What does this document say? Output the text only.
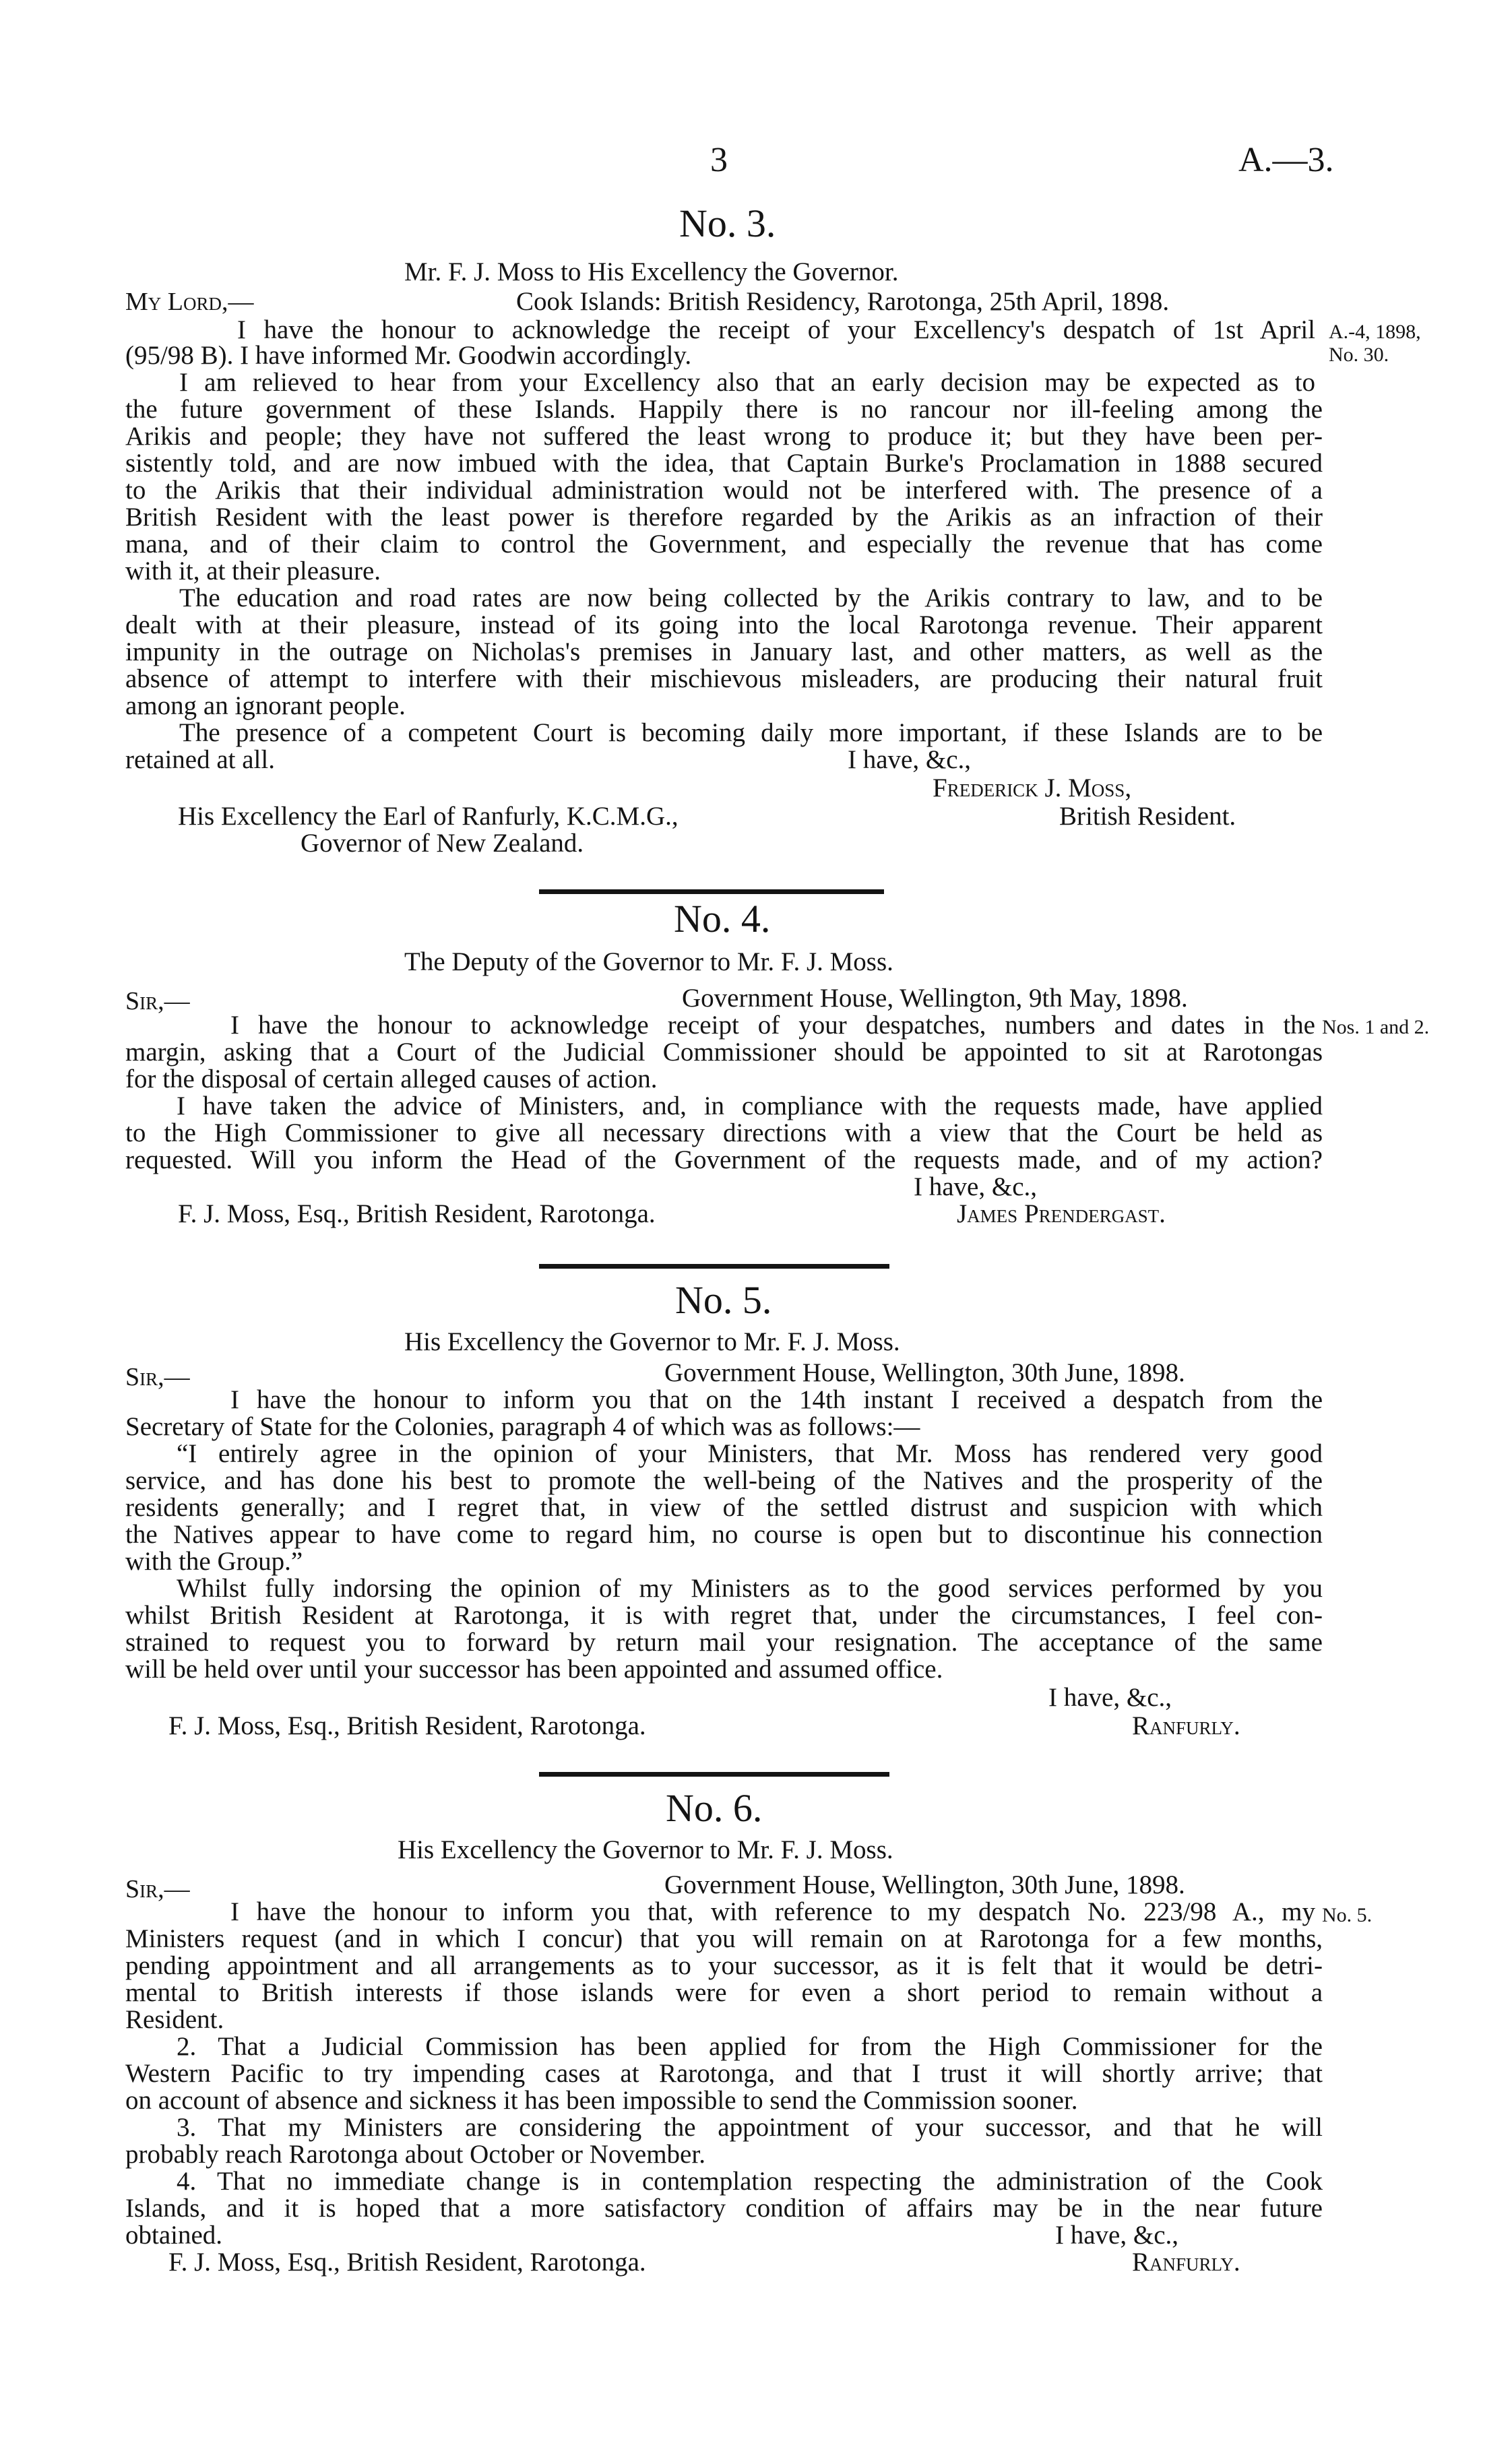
3	A.—3.
No. 3.
Mr. F. J. Moss to His Excellency the Governor.
My Lord,—	Cook Islands: British Residency, Rarotonga, 25th April, 1898.
I have the honour to acknowledge the receipt of your Excellency's despatch of 1st April
(95/98 B). I have informed Mr. Goodwin accordingly.
I am relieved to hear from your Excellency also that an early decision may be expected as to
the future government of these Islands. Happily there is no rancour nor ill-feeling among the
Arikis and people; they have not suffered the least wrong to produce it; but they have been per-
sistently told, and are now imbued with the idea, that Captain Burke's Proclamation in 1888 secured
to the Arikis that their individual administration would not be interfered with. The presence of a
British Resident with the least power is therefore regarded by the Arikis as an infraction of their
mana, and of their claim to control the Government, and especially the revenue that has come
with it, at their pleasure.
The education and road rates are now being collected by the Arikis contrary to law, and to be
dealt with at their pleasure, instead of its going into the local Rarotonga revenue. Their apparent
impunity in the outrage on Nicholas's premises in January last, and other matters, as well as the
absence of attempt to interfere with their mischievous misleaders, are producing their natural fruit
among an ignorant people.
The presence of a competent Court is becoming daily more important, if these Islands are to be
retained at all.
A.-4, 1898,
No. 30.
I have, &c.,
Frederick J. Moss,
His Excellency the Earl of Ranfurly, K.C.M.G.,	British Resident.
Governor of New Zealand.
No. 4.
The Deputy of the Governor to Mr. F. J. Moss.
Sir,—	Government House, Wellington, 9th May, 1898.
I have the honour to acknowledge receipt of your despatches, numbers and dates in the
margin, asking that a Court of the Judicial Commissioner should be appointed to sit at Rarotongas
for the disposal of certain alleged causes of action.
I have taken the advice of Ministers, and, in compliance with the requests made, have applied
to the High Commissioner to give all necessary directions with a view that the Court be held as
requested. Will you inform the Head of the Government of the requests made, and of my action?
Nos. 1 and 2.
I have, &c.,
F. J. Moss, Esq., British Resident, Rarotonga.	James Prendergast.
No. 5.
His Excellency the Governor to Mr. F. J. Moss.
Sir,—	Government House, Wellington, 30th June, 1898.
I have the honour to inform you that on the 14th instant I received a despatch from the
Secretary of State for the Colonies, paragraph 4 of which was as follows:—
“I entirely agree in the opinion of your Ministers, that Mr. Moss has rendered very good
service, and has done his best to promote the well-being of the Natives and the prosperity of the
residents generally; and I regret that, in view of the settled distrust and suspicion with which
the Natives appear to have come to regard him, no course is open but to discontinue his connection
with the Group.”
Whilst fully indorsing the opinion of my Ministers as to the good services performed by you
whilst British Resident at Rarotonga, it is with regret that, under the circumstances, I feel con-
strained to request you to forward by return mail your resignation. The acceptance of the same
will be held over until your successor has been appointed and assumed office.
I have, &c.,
F. J. Moss, Esq., British Resident, Rarotonga.	Ranfurly.
No. 6.
His Excellency the Governor to Mr. F. J. Moss.
Sir,—	Government House, Wellington, 30th June, 1898.
I have the honour to inform you that, with reference to my despatch No. 223/98 A., my
Ministers request (and in which I concur) that you will remain on at Rarotonga for a few months,
pending appointment and all arrangements as to your successor, as it is felt that it would be detri-
mental to British interests if those islands were for even a short period to remain without a
Resident.
2. That a Judicial Commission has been applied for from the High Commissioner for the
Western Pacific to try impending cases at Rarotonga, and that I trust it will shortly arrive; that
on account of absence and sickness it has been impossible to send the Commission sooner.
3. That my Ministers are considering the appointment of your successor, and that he will
probably reach Rarotonga about October or November.
4. That no immediate change is in contemplation respecting the administration of the Cook
Islands, and it is hoped that a more satisfactory condition of affairs may be in the near future
obtained.
No. 5.
I have, &c.,
F. J. Moss, Esq., British Resident, Rarotonga.	Ranfurly.
